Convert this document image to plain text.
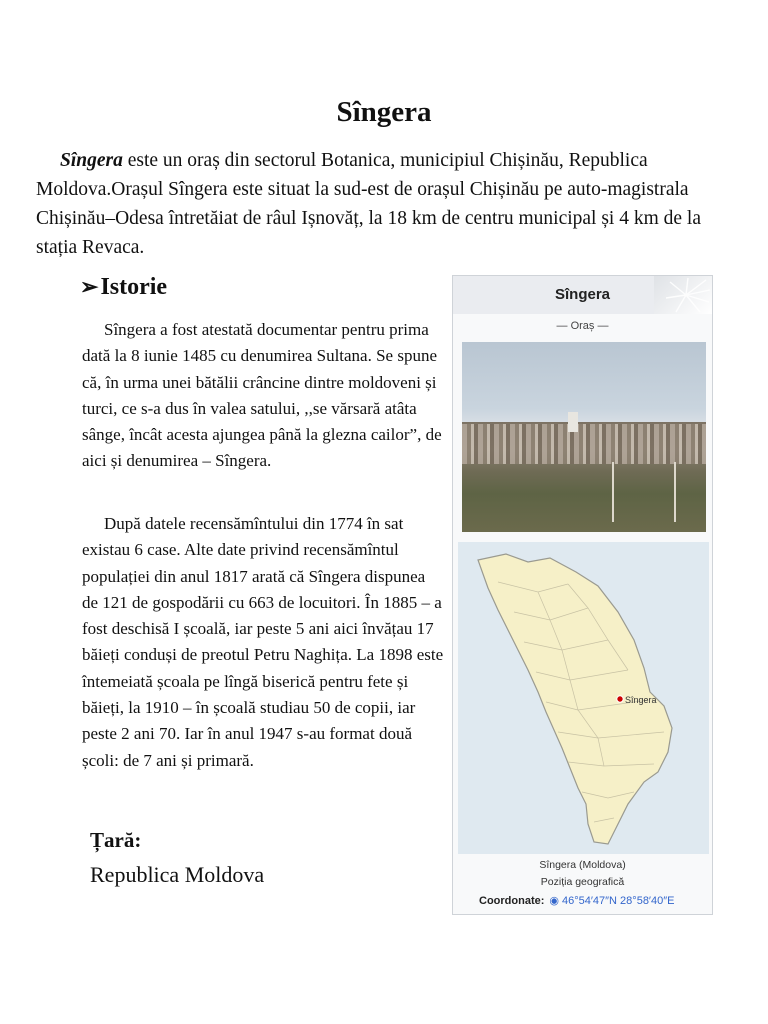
Sîngera

Sîngera este un oraș din sectorul Botanica, municipiul Chișinău, Republica Moldova.Orașul Sîngera este situat la sud-est de orașul Chișinău pe auto-magistrala Chișinău–Odesa întretăiat de râul Ișnovăț, la 18 km de centru municipal și 4 km de la stația Revaca.

➢Istorie

Sîngera a fost atestată documentar pentru prima dată la 8 iunie 1485 cu denumirea Sultana. Se spune că, în urma unei bătălii crâncine dintre moldoveni și turci, ce s-a dus în valea satului, ,,se vărsară atâta sânge, încât acesta ajungea până la glezna cailor”, de aici și denumirea – Sîngera.

După datele recensămîntului din 1774 în sat existau 6 case. Alte date privind recensămîntul populației din anul 1817 arată că Sîngera dispunea de 121 de gospodării cu 663 de locuitori. În 1885 – a fost deschisă I școală, iar peste 5 ani aici învățau 17 băieți conduși de preotul Petru Naghița. La 1898 este întemeiată școala pe lîngă biserică pentru fete și băieți, la 1910 – în școală studiau 50 de copii, iar peste 2 ani 70. Iar în anul 1947 s-au format două școli: de 7 ani și primară.

Țară:

Republica Moldova

Sîngera
— Oraș —
Sîngera
Sîngera (Moldova)
Poziția geografică
Coordonate: ◉ 46°54′47″N 28°58′40″E
